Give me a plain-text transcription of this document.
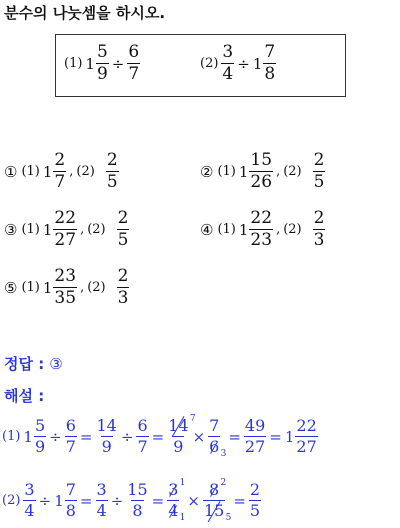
분수의 나눗셈을 하시오.
(1) $1 \frac{5}{9} \div \frac{6}{7}$	$(2) \frac{3}{4} \div 1 \frac{7}{8}$
① (1) $1 \frac{2}{7}$ , $(2) \frac{2}{5}$	② (1) $1 \frac{15}{26}$ , $(2) \frac{2}{5}$
③ (1) $1 \frac{22}{27}$ , $(2) \frac{2}{5}$	④ (1) $1 \frac{22}{23}$ , $(2) \frac{2}{3}$
⑤ (1) $1 \frac{23}{35}$ , $(2) \frac{2}{3}$
정답 : ③
해설 :
(1) $1 \frac{5}{9} \div \frac{6}{7} = \frac{14}{9} \div \frac{6}{7} = \frac{14 7}{9} \times \frac{7}{6 3} = \frac{49}{27} = 1 \frac{22}{27}$
$(2) \frac{3}{4} \div 1 \frac{7}{8} = \frac{3}{4} \div \frac{15}{8} = \frac{3 1}{4 1} \times \frac{8 2}{15 5} = \frac{2}{5}$
